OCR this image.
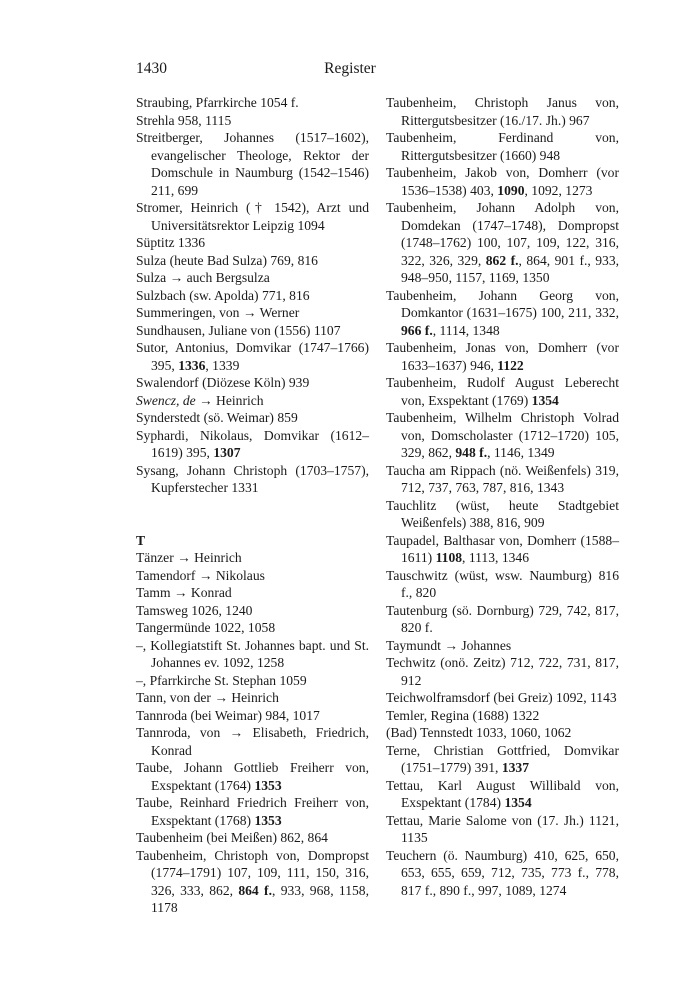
1430	Register
Straubing, Pfarrkirche 1054 f.
Strehla 958, 1115
Streitberger, Johannes (1517–1602), evangelischer Theologe, Rektor der Domschule in Naumburg (1542–1546) 211, 699
Stromer, Heinrich († 1542), Arzt und Universitätsrektor Leipzig 1094
Süptitz 1336
Sulza (heute Bad Sulza) 769, 816
Sulza → auch Bergsulza
Sulzbach (sw. Apolda) 771, 816
Summeringen, von → Werner
Sundhausen, Juliane von (1556) 1107
Sutor, Antonius, Domvikar (1747–1766) 395, 1336, 1339
Swalendorf (Diözese Köln) 939
Swencz, de → Heinrich
Synderstedt (sö. Weimar) 859
Syphardi, Nikolaus, Domvikar (1612–1619) 395, 1307
Sysang, Johann Christoph (1703–1757), Kupferstecher 1331
T
Tänzer → Heinrich
Tamendorf → Nikolaus
Tamm → Konrad
Tamsweg 1026, 1240
Tangermünde 1022, 1058
–, Kollegiatstift St. Johannes bapt. und St. Johannes ev. 1092, 1258
–, Pfarrkirche St. Stephan 1059
Tann, von der → Heinrich
Tannroda (bei Weimar) 984, 1017
Tannroda, von → Elisabeth, Friedrich, Konrad
Taube, Johann Gottlieb Freiherr von, Exspektant (1764) 1353
Taube, Reinhard Friedrich Freiherr von, Exspektant (1768) 1353
Taubenheim (bei Meißen) 862, 864
Taubenheim, Christoph von, Dompropst (1774–1791) 107, 109, 111, 150, 316, 326, 333, 862, 864 f., 933, 968, 1158, 1178
Taubenheim, Christoph Janus von, Rittergutsbesitzer (16./17. Jh.) 967
Taubenheim, Ferdinand von, Rittergutsbesitzer (1660) 948
Taubenheim, Jakob von, Domherr (vor 1536–1538) 403, 1090, 1092, 1273
Taubenheim, Johann Adolph von, Domdekan (1747–1748), Dompropst (1748–1762) 100, 107, 109, 122, 316, 322, 326, 329, 862 f., 864, 901 f., 933, 948–950, 1157, 1169, 1350
Taubenheim, Johann Georg von, Domkantor (1631–1675) 100, 211, 332, 966 f., 1114, 1348
Taubenheim, Jonas von, Domherr (vor 1633–1637) 946, 1122
Taubenheim, Rudolf August Leberecht von, Exspektant (1769) 1354
Taubenheim, Wilhelm Christoph Volrad von, Domscholaster (1712–1720) 105, 329, 862, 948 f., 1146, 1349
Taucha am Rippach (nö. Weißenfels) 319, 712, 737, 763, 787, 816, 1343
Tauchlitz (wüst, heute Stadtgebiet Weißenfels) 388, 816, 909
Taupadel, Balthasar von, Domherr (1588–1611) 1108, 1113, 1346
Tauschwitz (wüst, wsw. Naumburg) 816 f., 820
Tautenburg (sö. Dornburg) 729, 742, 817, 820 f.
Taymundt → Johannes
Techwitz (onö. Zeitz) 712, 722, 731, 817, 912
Teichwolframsdorf (bei Greiz) 1092, 1143
Temler, Regina (1688) 1322
(Bad) Tennstedt 1033, 1060, 1062
Terne, Christian Gottfried, Domvikar (1751–1779) 391, 1337
Tettau, Karl August Willibald von, Exspektant (1784) 1354
Tettau, Marie Salome von (17. Jh.) 1121, 1135
Teuchern (ö. Naumburg) 410, 625, 650, 653, 655, 659, 712, 735, 773 f., 778, 817 f., 890 f., 997, 1089, 1274
